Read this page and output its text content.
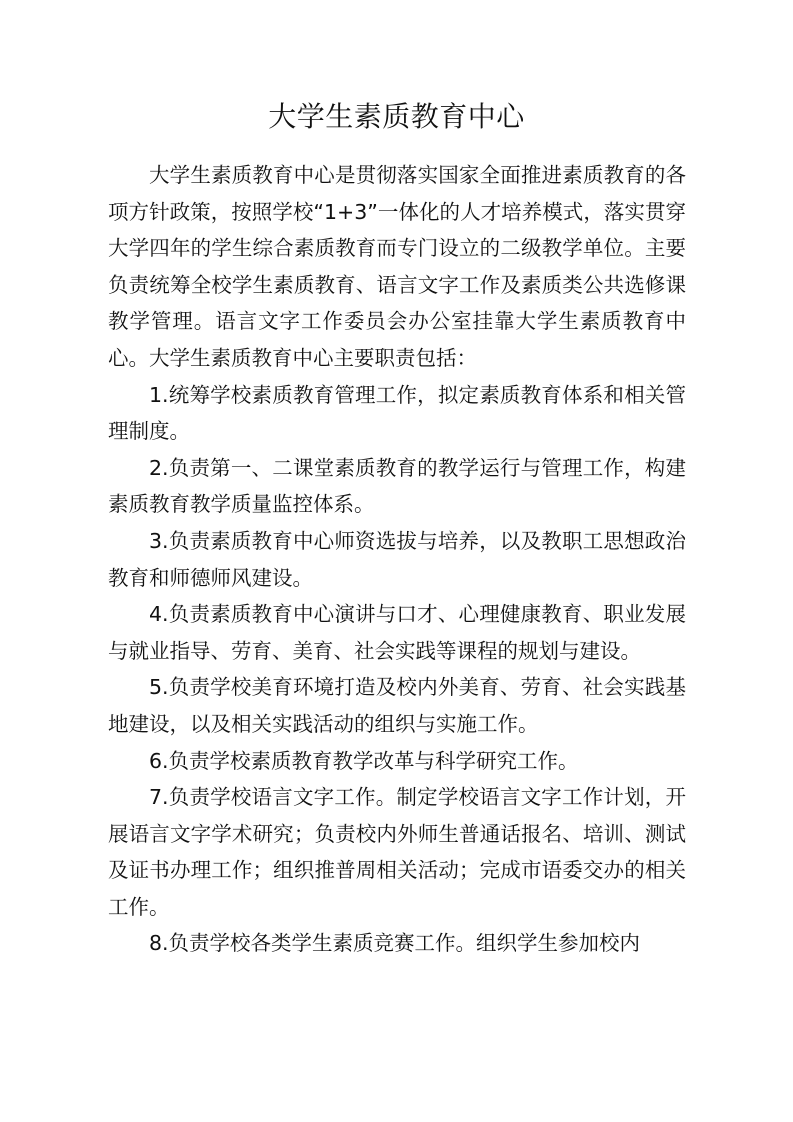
大学生素质教育中心

大学生素质教育中心是贯彻落实国家全面推进素质教育的各项方针政策，按照学校“1+3”一体化的人才培养模式，落实贯穿大学四年的学生综合素质教育而专门设立的二级教学单位。主要负责统筹全校学生素质教育、语言文字工作及素质类公共选修课教学管理。语言文字工作委员会办公室挂靠大学生素质教育中心。大学生素质教育中心主要职责包括：

1.统筹学校素质教育管理工作，拟定素质教育体系和相关管理制度。

2.负责第一、二课堂素质教育的教学运行与管理工作，构建素质教育教学质量监控体系。

3.负责素质教育中心师资选拔与培养，以及教职工思想政治教育和师德师风建设。

4.负责素质教育中心演讲与口才、心理健康教育、职业发展与就业指导、劳育、美育、社会实践等课程的规划与建设。

5.负责学校美育环境打造及校内外美育、劳育、社会实践基地建设，以及相关实践活动的组织与实施工作。

6.负责学校素质教育教学改革与科学研究工作。

7.负责学校语言文字工作。制定学校语言文字工作计划，开展语言文字学术研究；负责校内外师生普通话报名、培训、测试及证书办理工作；组织推普周相关活动；完成市语委交办的相关工作。

8.负责学校各类学生素质竞赛工作。组织学生参加校内
